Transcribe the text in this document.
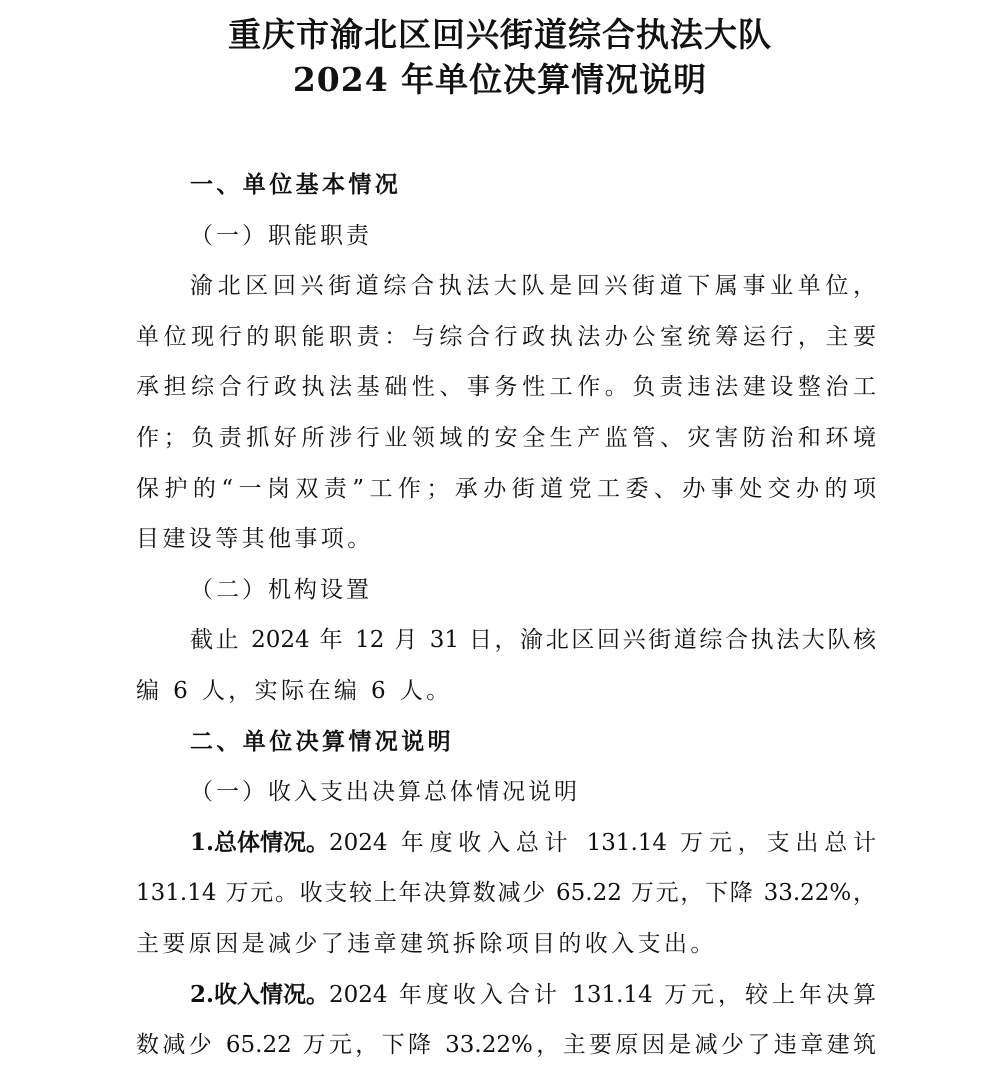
重庆市渝北区回兴街道综合执法大队
2024 年单位决算情况说明
一、单位基本情况
（一）职能职责
渝北区回兴街道综合执法大队是回兴街道下属事业单位，
单位现行的职能职责：与综合行政执法办公室统筹运行，主要
承担综合行政执法基础性、事务性工作。负责违法建设整治工
作；负责抓好所涉行业领域的安全生产监管、灾害防治和环境
保护的“一岗双责”工作；承办街道党工委、办事处交办的项
目建设等其他事项。
（二）机构设置
截止 2024 年 12 月 31 日，渝北区回兴街道综合执法大队核
编 6 人，实际在编 6 人。
二、单位决算情况说明
（一）收入支出决算总体情况说明
1.总体情况。 2024 年度收入总计 131.14 万元，支出总计
131.14 万元。收支较上年决算数减少 65.22 万元，下降 33.22%，
主要原因是减少了违章建筑拆除项目的收入支出。
2.收入情况。 2024 年度收入合计 131.14 万元，较上年决算
数减少 65.22 万元，下降 33.22%，主要原因是减少了违章建筑
